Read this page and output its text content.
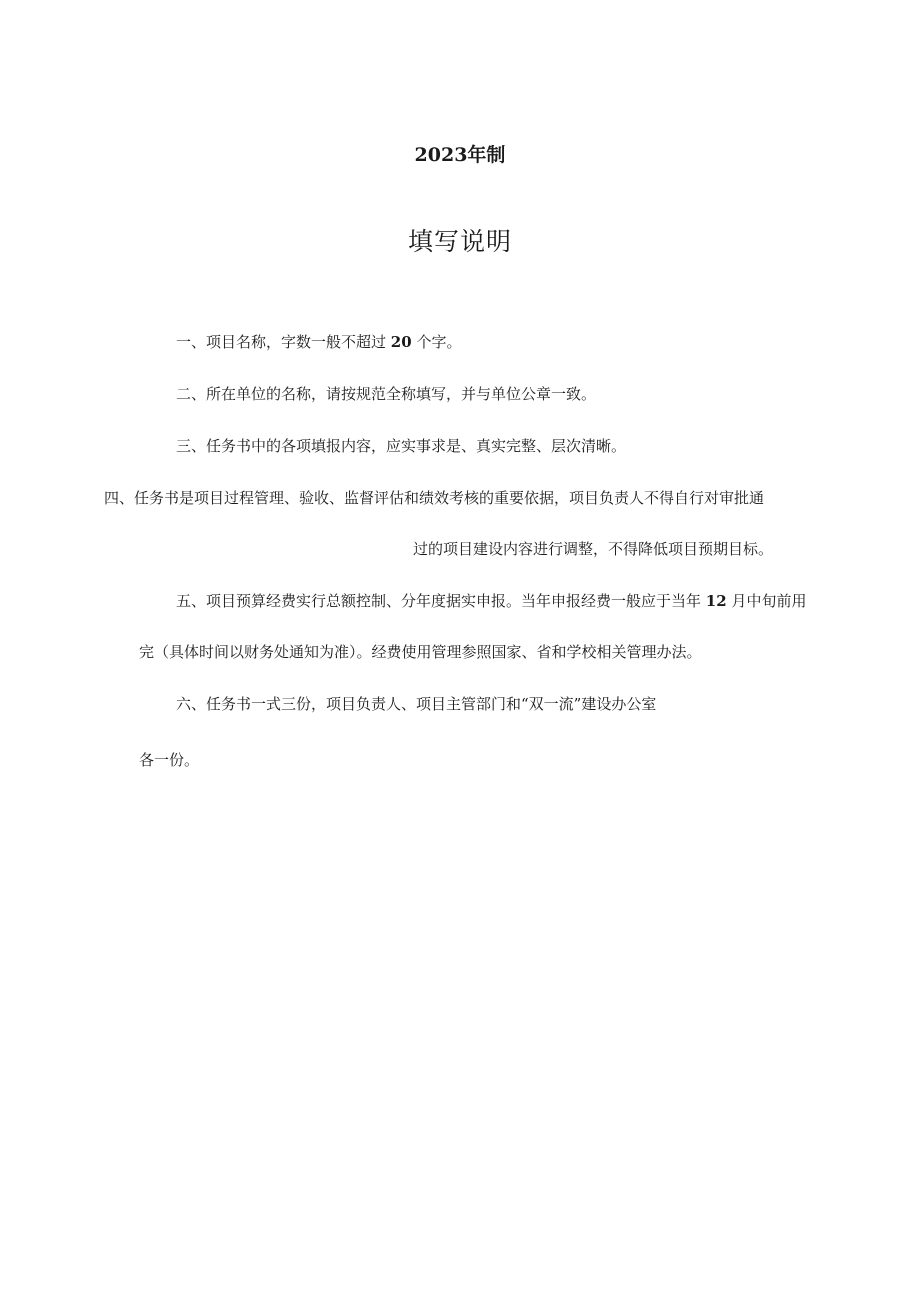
2023年制
填写说明
一、项目名称，字数一般不超过 20 个字。
二、所在单位的名称，请按规范全称填写，并与单位公章一致。
三、任务书中的各项填报内容，应实事求是、真实完整、层次清晰。
四、任务书是项目过程管理、验收、监督评估和绩效考核的重要依据，项目负责人不得自行对审批通
过的项目建设内容进行调整，不得降低项目预期目标。
五、项目预算经费实行总额控制、分年度据实申报。当年申报经费一般应于当年 12 月中旬前用
完（具体时间以财务处通知为准）。经费使用管理参照国家、省和学校相关管理办法。
六、任务书一式三份，项目负责人、项目主管部门和“双一流”建设办公室
各一份。
